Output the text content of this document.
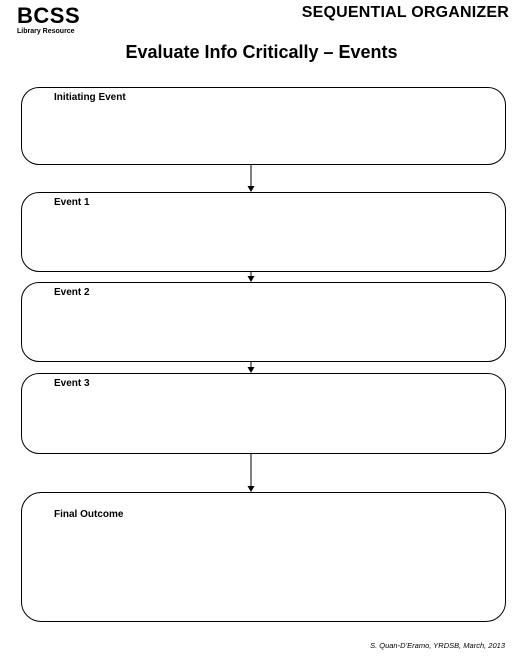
BCSS
Library Resource
SEQUENTIAL ORGANIZER
Evaluate Info Critically – Events
Initiating Event
Event 1
Event 2
Event 3
Final Outcome
S. Quan-D’Eramo, YRDSB, March, 2013
